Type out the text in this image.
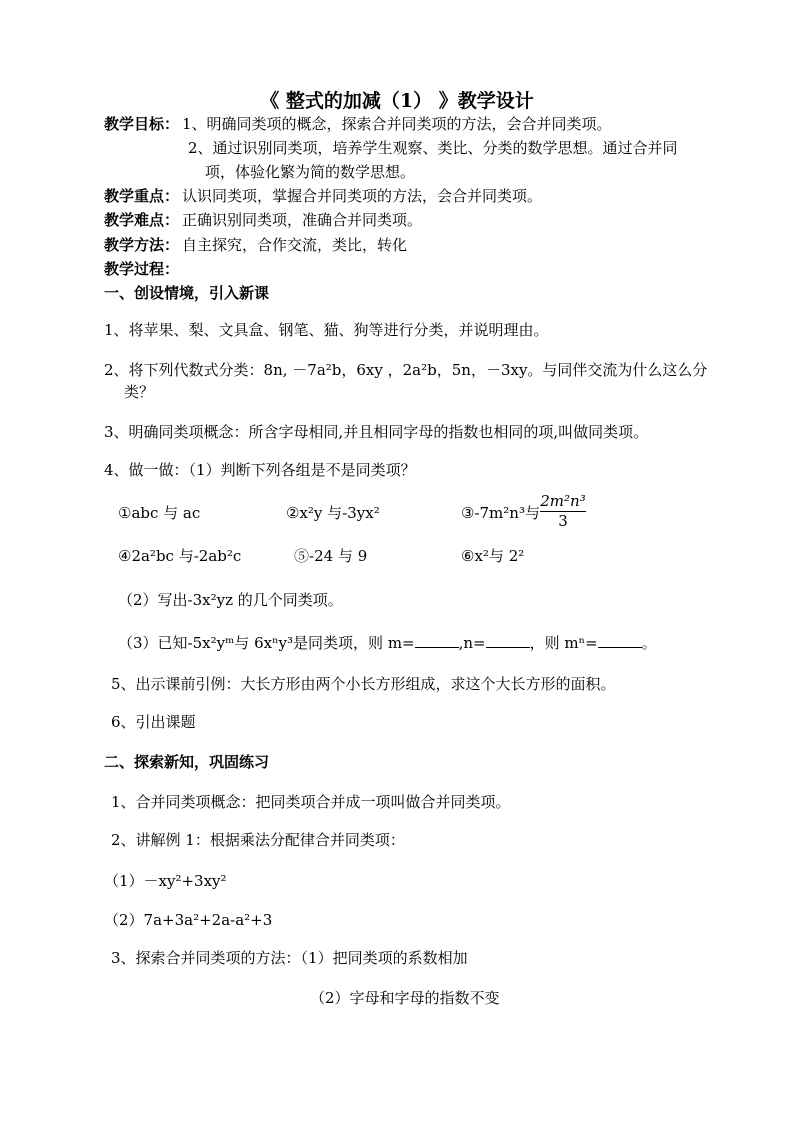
《 整式的加减（1） 》教学设计
教学目标： 1、明确同类项的概念，探索合并同类项的方法，会合并同类项。
2、通过识别同类项，培养学生观察、类比、分类的数学思想。通过合并同
项，体验化繁为简的数学思想。
教学重点： 认识同类项，掌握合并同类项的方法，会合并同类项。
教学难点： 正确识别同类项，准确合并同类项。
教学方法： 自主探究，合作交流，类比，转化
教学过程：
一、创设情境，引入新课
1、将苹果、梨、文具盒、钢笔、猫、狗等进行分类，并说明理由。
2、将下列代数式分类：8n, －7a²b，6xy ，2a²b，5n，－3xy。与同伴交流为什么这么分
类？
3、明确同类项概念：所含字母相同,并且相同字母的指数也相同的项,叫做同类项。
4、做一做：（1）判断下列各组是不是同类项？
①abc 与 ac	②x²y 与-3yx²	③-7m²n³与 $\frac{\text{2m²n³}}{3}$
④2a²bc 与-2ab²c	⑤-24 与 9	⑥x²与 2²
（2）写出-3x²yz 的几个同类项。
（3）已知-5x²yᵐ与 6xⁿy³是同类项，则 m=	,n=	，则 mⁿ=	。
5、出示课前引例：大长方形由两个小长方形组成，求这个大长方形的面积。
6、引出课题
二、探索新知，巩固练习
1、合并同类项概念：把同类项合并成一项叫做合并同类项。
2、讲解例 1：根据乘法分配律合并同类项：
（1）－xy²+3xy²
（2）7a+3a²+2a-a²+3
3、探索合并同类项的方法：（1）把同类项的系数相加
（2）字母和字母的指数不变
